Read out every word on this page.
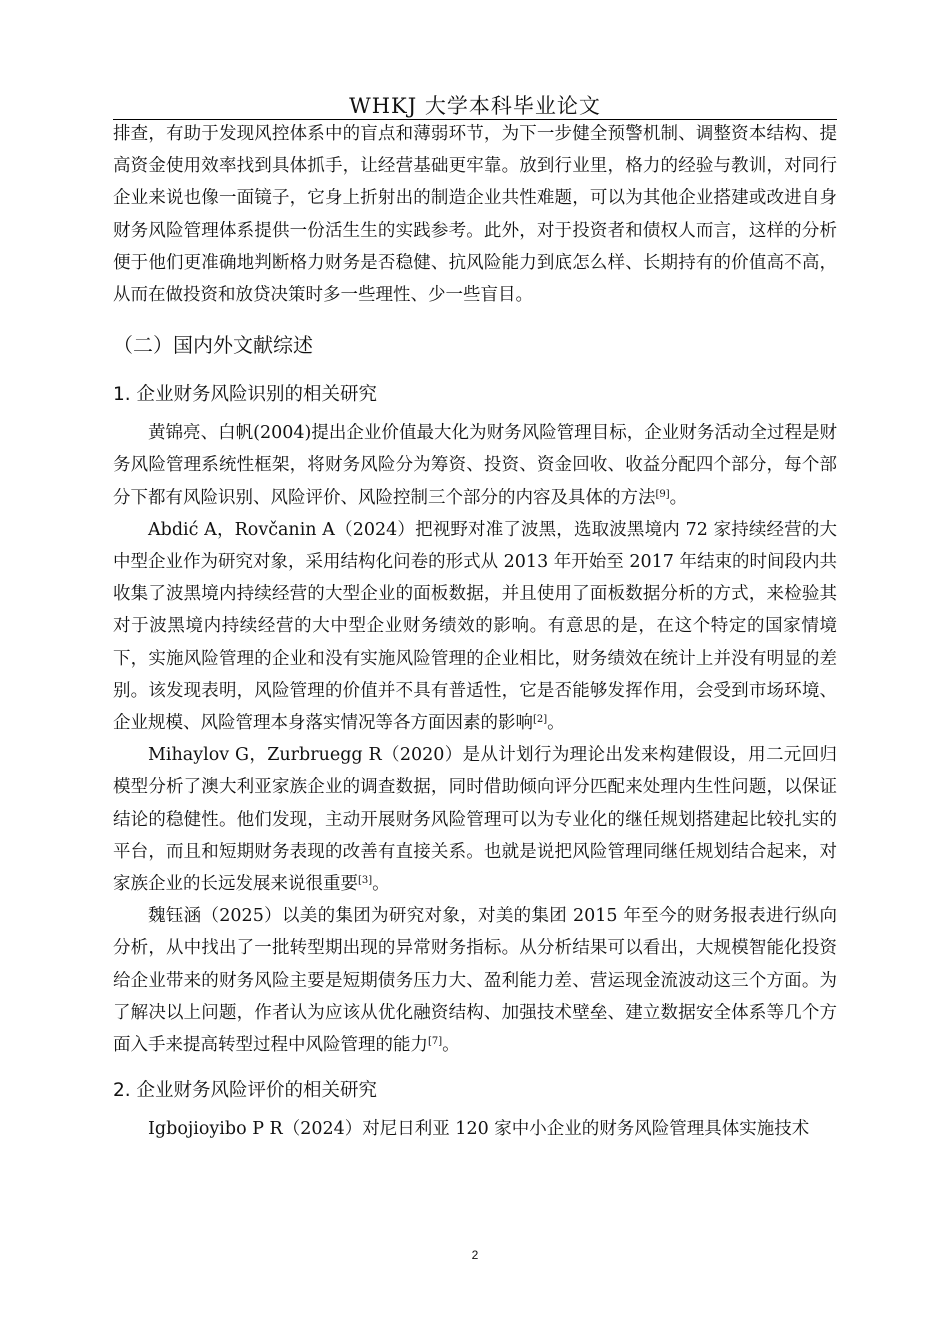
WHKJ 大学本科毕业论文

排查，有助于发现风控体系中的盲点和薄弱环节，为下一步健全预警机制、调整资本结构、提高资金使用效率找到具体抓手，让经营基础更牢靠。放到行业里，格力的经验与教训，对同行企业来说也像一面镜子，它身上折射出的制造企业共性难题，可以为其他企业搭建或改进自身财务风险管理体系提供一份活生生的实践参考。此外，对于投资者和债权人而言，这样的分析便于他们更准确地判断格力财务是否稳健、抗风险能力到底怎么样、长期持有的价值高不高，从而在做投资和放贷决策时多一些理性、少一些盲目。

（二）国内外文献综述
1. 企业财务风险识别的相关研究

黄锦亮、白帆(2004)提出企业价值最大化为财务风险管理目标，企业财务活动全过程是财务风险管理系统性框架，将财务风险分为筹资、投资、资金回收、收益分配四个部分，每个部分下都有风险识别、风险评价、风险控制三个部分的内容及具体的方法[9]。

Abdić A，Rovčanin A（2024）把视野对准了波黑，选取波黑境内 72 家持续经营的大中型企业作为研究对象，采用结构化问卷的形式从 2013 年开始至 2017 年结束的时间段内共收集了波黑境内持续经营的大型企业的面板数据，并且使用了面板数据分析的方式，来检验其对于波黑境内持续经营的大中型企业财务绩效的影响。有意思的是，在这个特定的国家情境下，实施风险管理的企业和没有实施风险管理的企业相比，财务绩效在统计上并没有明显的差别。该发现表明，风险管理的价值并不具有普适性，它是否能够发挥作用，会受到市场环境、企业规模、风险管理本身落实情况等各方面因素的影响[2]。

Mihaylov G，Zurbruegg R（2020）是从计划行为理论出发来构建假设，用二元回归模型分析了澳大利亚家族企业的调查数据，同时借助倾向评分匹配来处理内生性问题，以保证结论的稳健性。他们发现，主动开展财务风险管理可以为专业化的继任规划搭建起比较扎实的平台，而且和短期财务表现的改善有直接关系。也就是说把风险管理同继任规划结合起来，对家族企业的长远发展来说很重要[3]。

魏钰涵（2025）以美的集团为研究对象，对美的集团 2015 年至今的财务报表进行纵向分析，从中找出了一批转型期出现的异常财务指标。从分析结果可以看出，大规模智能化投资给企业带来的财务风险主要是短期债务压力大、盈利能力差、营运现金流波动这三个方面。为了解决以上问题，作者认为应该从优化融资结构、加强技术壁垒、建立数据安全体系等几个方面入手来提高转型过程中风险管理的能力[7]。

2. 企业财务风险评价的相关研究

Igbojioyibo P R（2024）对尼日利亚 120 家中小企业的财务风险管理具体实施技术

2
